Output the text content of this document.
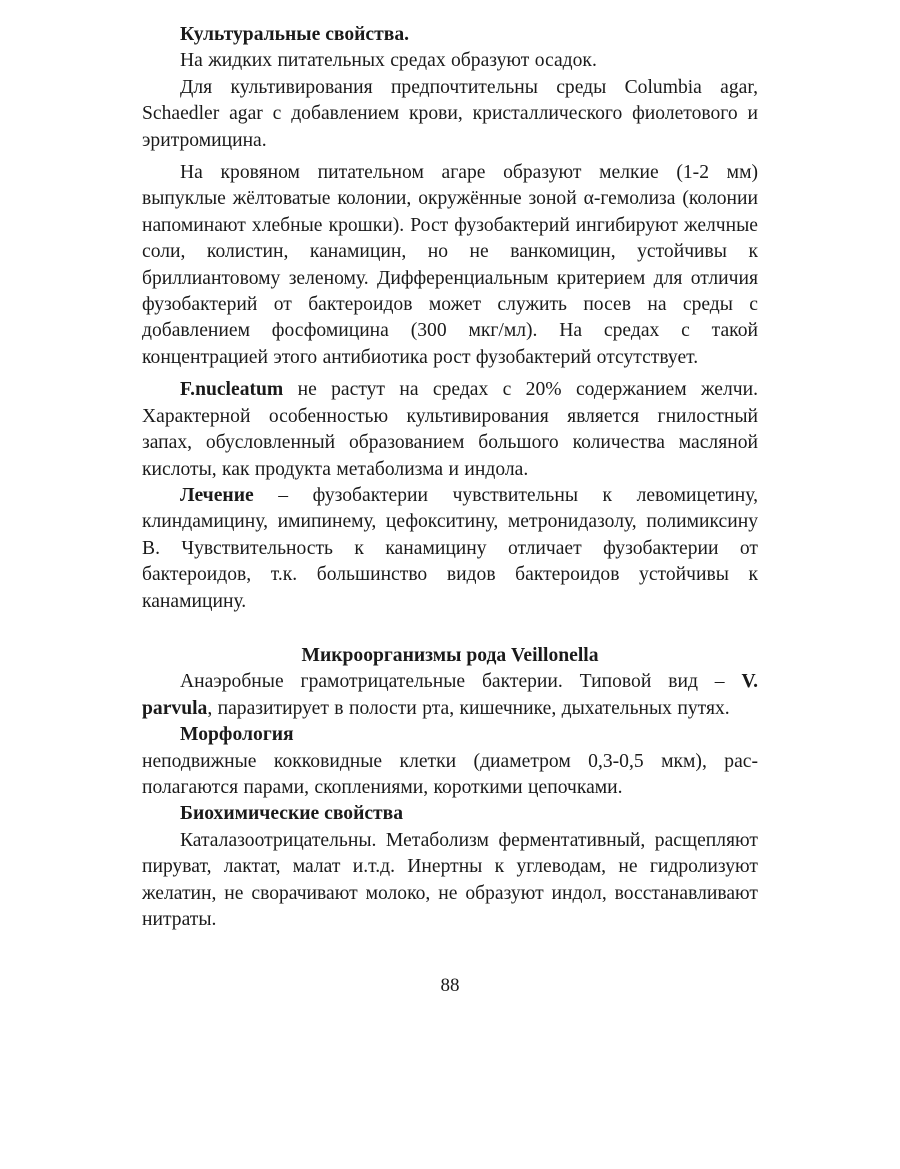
Культуральные свойства.

На жидких питательных средах образуют осадок.

Для культивирования предпочтительны среды Columbia agar, Schaedler agar с добавлением крови, кристаллического фиолетового и эритромицина.

На кровяном питательном агаре образуют мелкие (1-2 мм) выпуклые жёлтоватые колонии, окружённые зоной α-гемолиза (колонии напоминают хлебные крошки). Рост фузобактерий ингибируют желчные соли, колистин, канамицин, но не ванкомицин, устойчивы к бриллиантовому зеленому. Дифференциальным критерием для отличия фузобактерий от бактероидов может служить посев на среды с добавлением фосфомицина (300 мкг/мл). На средах с такой концентрацией этого антибиотика рост фузобактерий отсутствует.

F.nucleatum не растут на средах с 20% содержанием желчи. Характерной особенностью культивирования является гнилостный запах, обусловленный образованием большого количества масляной кислоты, как продукта метаболизма и индола.

Лечение – фузобактерии чувствительны к левомицетину, клиндамицину, имипинему, цефокситину, метронидазолу, полимиксину В. Чувствительность к канамицину отличает фузобактерии от бактероидов, т.к. большинство видов бактероидов устойчивы к канамицину.

Микроорганизмы рода Veillonella

Анаэробные грамотрицательные бактерии. Типовой вид – V. parvula, паразитирует в полости рта, кишечнике, дыхательных путях.

Морфология

неподвижные кокковидные клетки (диаметром 0,3-0,5 мкм), располагаются парами, скоплениями, короткими цепочками.

Биохимические свойства

Каталазоотрицательны. Метаболизм ферментативный, расщепляют пируват, лактат, малат и.т.д. Инертны к углеводам, не гидролизуют желатин, не сворачивают молоко, не образуют индол, восстанавливают нитраты.

88
